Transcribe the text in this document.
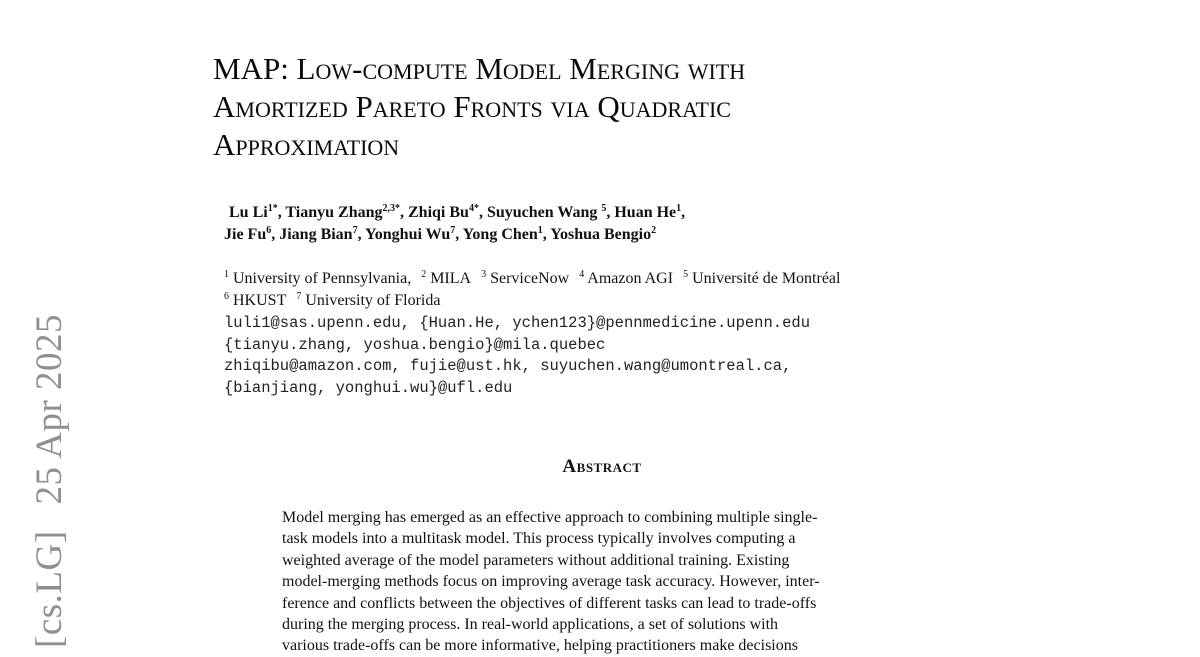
[cs.LG]25 Apr 2025
MAP: Low-compute Model Merging with
Amortized Pareto Fronts via Quadratic
Approximation
Lu $Li^{1*}$, Tianyu Zhang$^{2,3*}$, Zhiqi $Bu^{4*}$, Suyuchen Wang $^5$, Huan He$^1$,
Jie Fu$^6$, Jiang Bian$^7$, Yonghui Wu$^7$, Yong Chen$^1$, Yoshua Bengio$^2$
$^1$ University of Pennsylvania, $^2$ MILA $^3$ ServiceNow $^4$ Amazon AGI $^5$ Université de Montréal
$^6$ HKUST $^7$ University of Florida
luli1@sas.upenn.edu, {Huan.He, ychen123}@pennmedicine.upenn.edu
{tianyu.zhang, yoshua.bengio}@mila.quebec
zhiqibu@amazon.com, fujie@ust.hk, suyuchen.wang@umontreal.ca,
{bianjiang, yonghui.wu}@ufl.edu
Abstract
Model merging has emerged as an effective approach to combining multiple single-
task models into a multitask model. This process typically involves computing a
weighted average of the model parameters without additional training. Existing
model-merging methods focus on improving average task accuracy. However, inter-
ference and conflicts between the objectives of different tasks can lead to trade-offs
during the merging process. In real-world applications, a set of solutions with
various trade-offs can be more informative, helping practitioners make decisions
